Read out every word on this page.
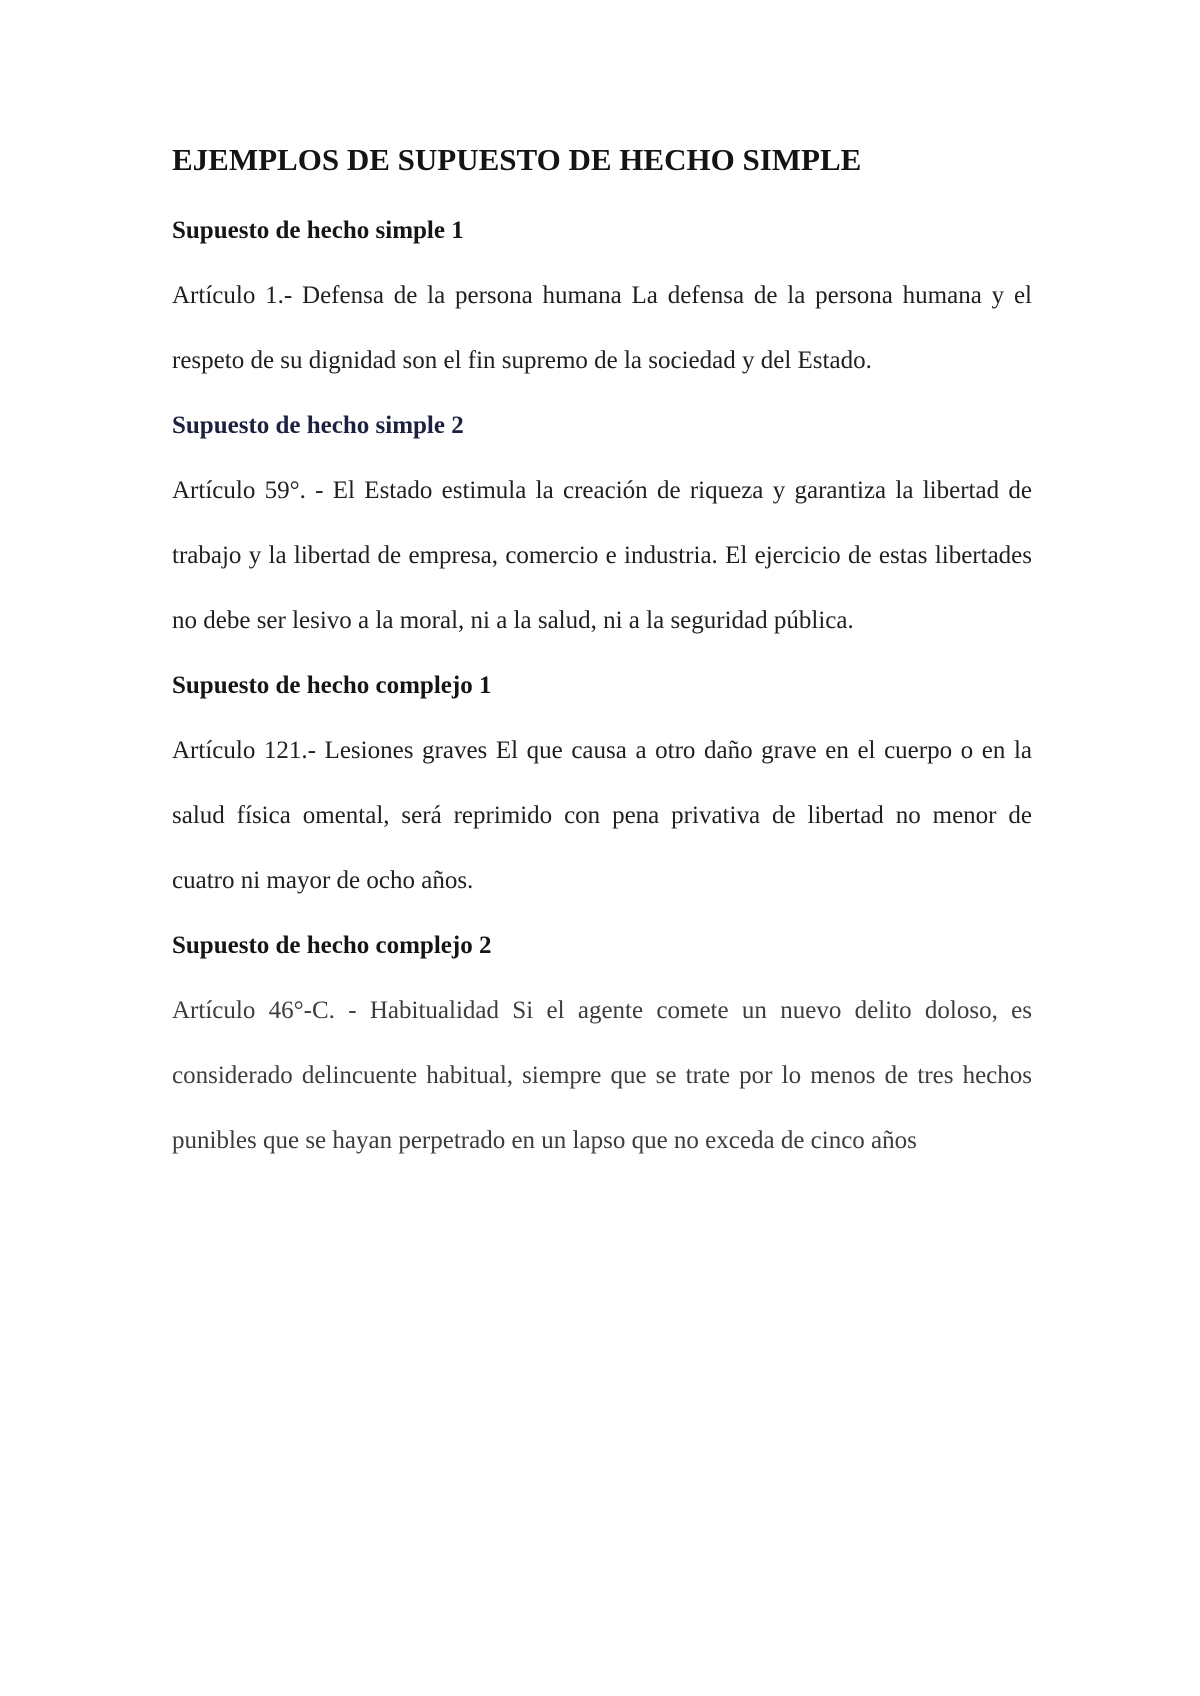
EJEMPLOS DE SUPUESTO DE HECHO SIMPLE
Supuesto de hecho simple 1

Artículo 1.- Defensa de la persona humana La defensa de la persona humana y el respeto de su dignidad son el fin supremo de la sociedad y del Estado.

Supuesto de hecho simple 2

Artículo 59°. - El Estado estimula la creación de riqueza y garantiza la libertad de trabajo y la libertad de empresa, comercio e industria. El ejercicio de estas libertades no debe ser lesivo a la moral, ni a la salud, ni a la seguridad pública.

Supuesto de hecho complejo 1

Artículo 121.- Lesiones graves El que causa a otro daño grave en el cuerpo o en la salud física omental, será reprimido con pena privativa de libertad no menor de cuatro ni mayor de ocho años.

Supuesto de hecho complejo 2

Artículo 46°-C. - Habitualidad Si el agente comete un nuevo delito doloso, es considerado delincuente habitual, siempre que se trate por lo menos de tres hechos punibles que se hayan perpetrado en un lapso que no exceda de cinco años
